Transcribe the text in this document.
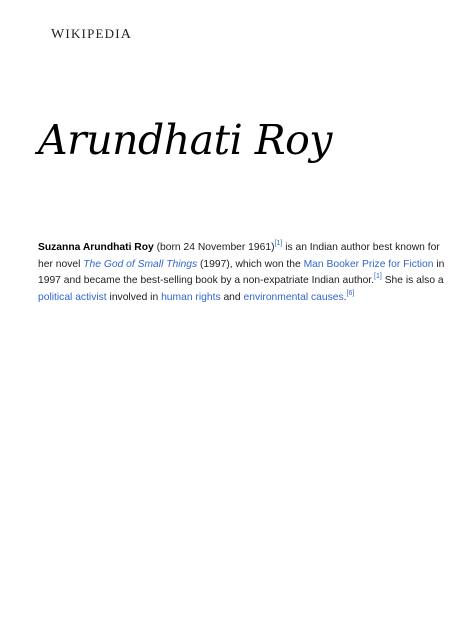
WIKIPEDIA
Arundhati Roy

Suzanna Arundhati Roy (born 24 November 1961)[1] is an Indian author best known for her novel The God of Small Things (1997), which won the Man Booker Prize for Fiction in 1997 and became the best-selling book by a non-expatriate Indian author.[1] She is also a political activist involved in human rights and environmental causes.[6]
